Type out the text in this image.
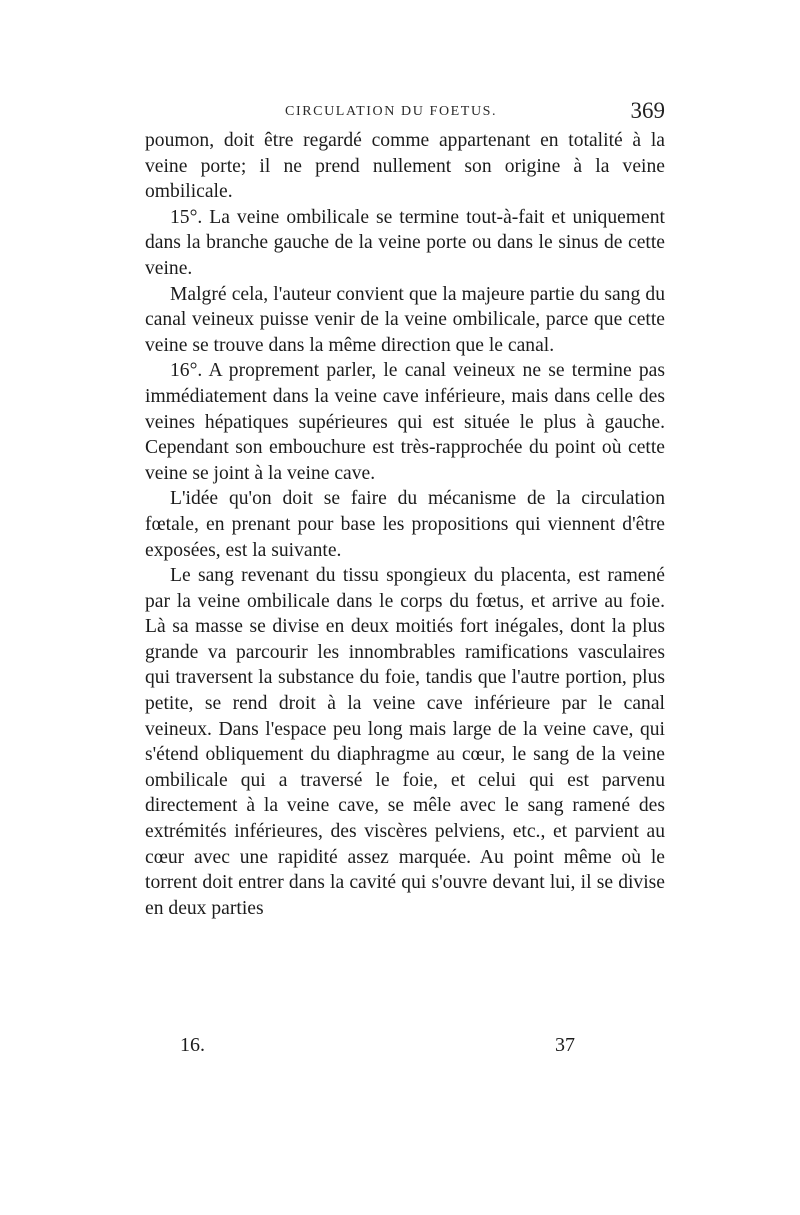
CIRCULATION DU FOETUS.	369

poumon, doit être regardé comme appartenant en totalité à la veine porte; il ne prend nullement son origine à la veine ombilicale.

15°. La veine ombilicale se termine tout-à-fait et uniquement dans la branche gauche de la veine porte ou dans le sinus de cette veine.

Malgré cela, l'auteur convient que la majeure partie du sang du canal veineux puisse venir de la veine ombilicale, parce que cette veine se trouve dans la même direction que le canal.

16°. A proprement parler, le canal veineux ne se termine pas immédiatement dans la veine cave inférieure, mais dans celle des veines hépatiques supérieures qui est située le plus à gauche. Cependant son embouchure est très-rapprochée du point où cette veine se joint à la veine cave.

L'idée qu'on doit se faire du mécanisme de la circulation fœtale, en prenant pour base les propositions qui viennent d'être exposées, est la suivante.

Le sang revenant du tissu spongieux du placenta, est ramené par la veine ombilicale dans le corps du fœtus, et arrive au foie. Là sa masse se divise en deux moitiés fort inégales, dont la plus grande va parcourir les innombrables ramifications vasculaires qui traversent la substance du foie, tandis que l'autre portion, plus petite, se rend droit à la veine cave inférieure par le canal veineux. Dans l'espace peu long mais large de la veine cave, qui s'étend obliquement du diaphragme au cœur, le sang de la veine ombilicale qui a traversé le foie, et celui qui est parvenu directement à la veine cave, se mêle avec le sang ramené des extrémités inférieures, des viscères pelviens, etc., et parvient au cœur avec une rapidité assez marquée. Au point même où le torrent doit entrer dans la cavité qui s'ouvre devant lui, il se divise en deux parties

16.	37
